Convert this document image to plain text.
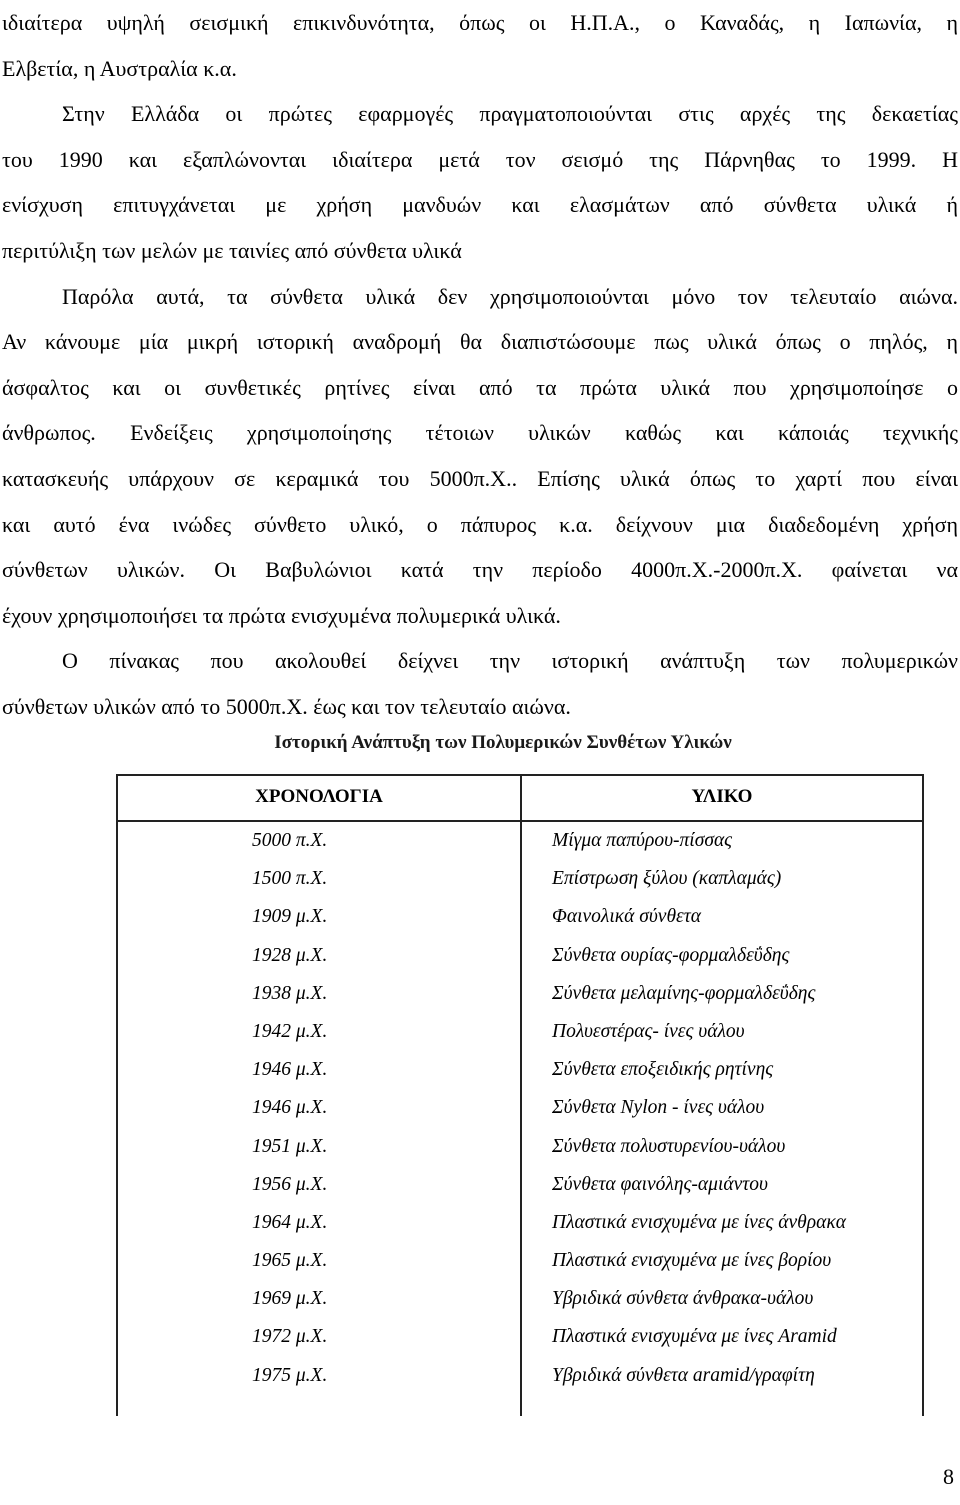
ιδιαίτερα υψηλή σεισμική επικινδυνότητα, όπως οι Η.Π.Α., ο Καναδάς, η Ιαπωνία, η
Ελβετία, η Αυστραλία κ.α.
Στην Ελλάδα οι πρώτες εφαρμογές πραγματοποιούνται στις αρχές της δεκαετίας
του 1990 και εξαπλώνονται ιδιαίτερα μετά τον σεισμό της Πάρνηθας το 1999. Η
ενίσχυση επιτυγχάνεται με χρήση μανδυών και ελασμάτων από σύνθετα υλικά ή
περιτύλιξη των μελών με ταινίες από σύνθετα υλικά
Παρόλα αυτά, τα σύνθετα υλικά δεν χρησιμοποιούνται μόνο τον τελευταίο αιώνα.
Αν κάνουμε μία μικρή ιστορική αναδρομή θα διαπιστώσουμε πως υλικά όπως ο πηλός, η
άσφαλτος και οι συνθετικές ρητίνες είναι από τα πρώτα υλικά που χρησιμοποίησε ο
άνθρωπος. Ενδείξεις χρησιμοποίησης τέτοιων υλικών καθώς και κάποιάς τεχνικής
κατασκευής υπάρχουν σε κεραμικά του 5000π.Χ.. Επίσης υλικά όπως το χαρτί που είναι
και αυτό ένα ινώδες σύνθετο υλικό, ο πάπυρος κ.α. δείχνουν μια διαδεδομένη χρήση
σύνθετων υλικών. Οι Βαβυλώνιοι κατά την περίοδο 4000π.Χ.-2000π.Χ. φαίνεται να
έχουν χρησιμοποιήσει τα πρώτα ενισχυμένα πολυμερικά υλικά.
Ο πίνακας που ακολουθεί δείχνει την ιστορική ανάπτυξη των πολυμερικών
σύνθετων υλικών από το 5000π.Χ. έως και τον τελευταίο αιώνα.
Ιστορική Ανάπτυξη των Πολυμερικών Συνθέτων Υλικών
ΧΡΟΝΟΛΟΓΙΑ	ΥΛΙΚΟ
5000 π.Χ.	Μίγμα παπύρου-πίσσας
1500 π.Χ.	Επίστρωση ξύλου (καπλαμάς)
1909 μ.Χ.	Φαινολικά σύνθετα
1928 μ.Χ.	Σύνθετα ουρίας-φορμαλδεΰδης
1938 μ.Χ.	Σύνθετα μελαμίνης-φορμαλδεΰδης
1942 μ.Χ.	Πολυεστέρας- ίνες υάλου
1946 μ.Χ.	Σύνθετα εποξειδικής ρητίνης
1946 μ.Χ.	Σύνθετα Nylon - ίνες υάλου
1951 μ.Χ.	Σύνθετα πολυστυρενίου-υάλου
1956 μ.Χ.	Σύνθετα φαινόλης-αμιάντου
1964 μ.Χ.	Πλαστικά ενισχυμένα με ίνες άνθρακα
1965 μ.Χ.	Πλαστικά ενισχυμένα με ίνες βορίου
1969 μ.Χ.	Υβριδικά σύνθετα άνθρακα-υάλου
1972 μ.Χ.	Πλαστικά ενισχυμένα με ίνες Aramid
1975 μ.Χ.	Υβριδικά σύνθετα aramid/γραφίτη
8
